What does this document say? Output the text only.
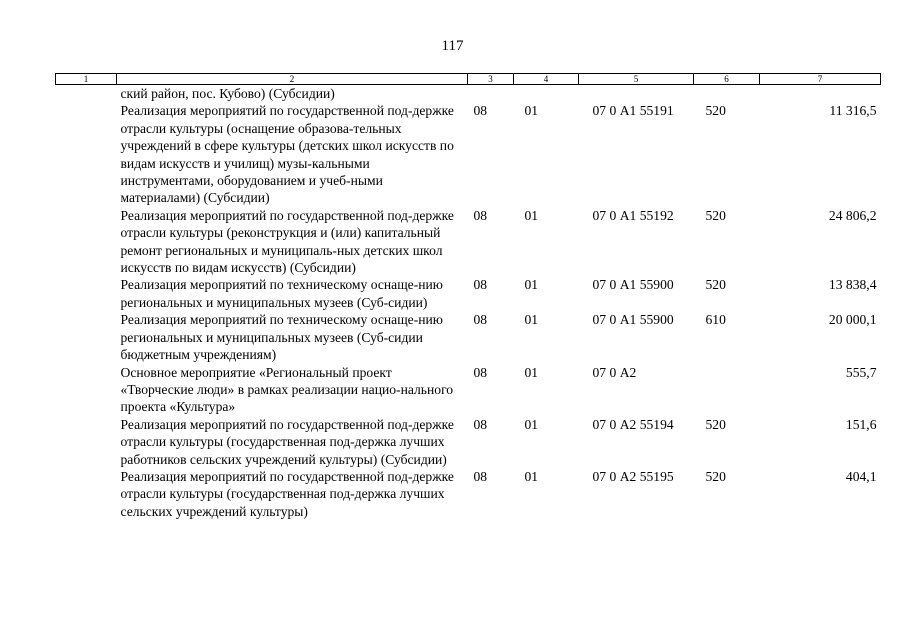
117
1	2	3	4	5	6	7
	ский район, пос. Кубово) (Субсидии)					
	Реализация мероприятий по государственной под-держке отрасли культуры (оснащение образова-тельных учреждений в сфере культуры (детских школ искусств по видам искусств и училищ) музы-кальными инструментами, оборудованием и учеб-ными материалами) (Субсидии)	08	01	07 0 А1 55191	520	11 316,5
	Реализация мероприятий по государственной под-держке отрасли культуры (реконструкция и (или) капитальный ремонт региональных и муниципаль-ных детских школ искусств по видам искусств) (Субсидии)	08	01	07 0 А1 55192	520	24 806,2
	Реализация мероприятий по техническому оснаще-нию региональных и муниципальных музеев (Суб-сидии)	08	01	07 0 А1 55900	520	13 838,4
	Реализация мероприятий по техническому оснаще-нию региональных и муниципальных музеев (Суб-сидии бюджетным учреждениям)	08	01	07 0 А1 55900	610	20 000,1
	Основное мероприятие «Региональный проект «Творческие люди» в рамках реализации нацио-нального проекта «Культура»	08	01	07 0 А2		555,7
	Реализация мероприятий по государственной под-держке отрасли культуры (государственная под-держка лучших работников сельских учреждений культуры) (Субсидии)	08	01	07 0 А2 55194	520	151,6
	Реализация мероприятий по государственной под-держке отрасли культуры (государственная под-держка лучших сельских учреждений культуры)	08	01	07 0 А2 55195	520	404,1
